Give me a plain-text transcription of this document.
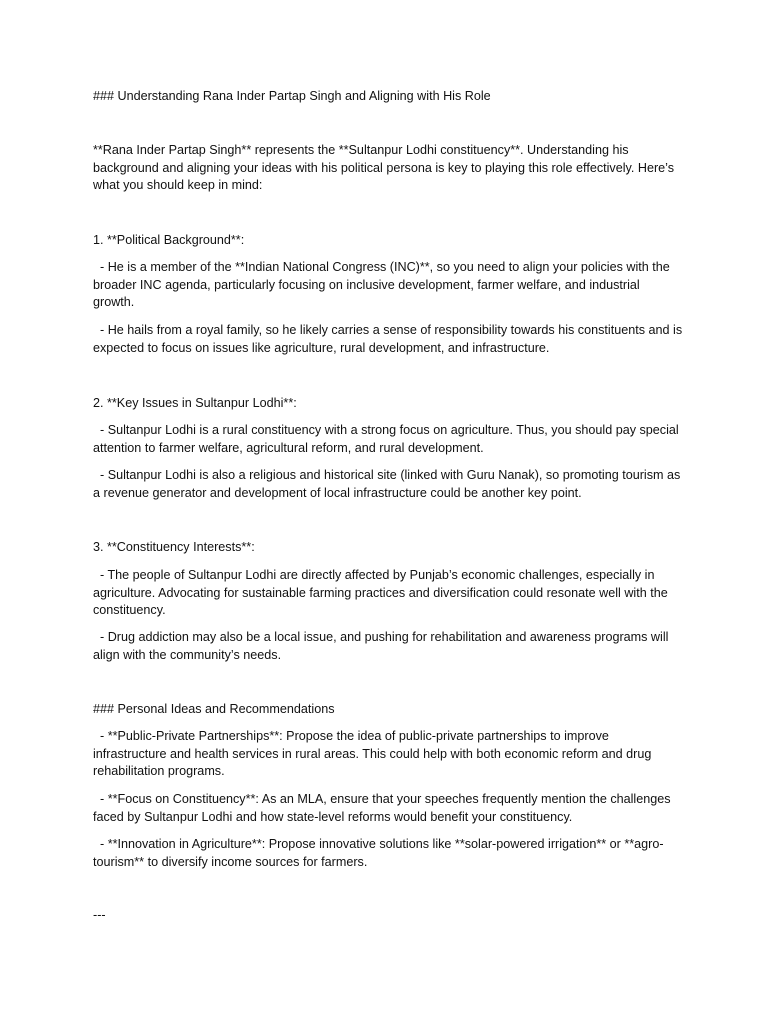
### Understanding Rana Inder Partap Singh and Aligning with His Role

**Rana Inder Partap Singh** represents the **Sultanpur Lodhi constituency**. Understanding his background and aligning your ideas with his political persona is key to playing this role effectively. Here’s what you should keep in mind:

1. **Political Background**:

- He is a member of the **Indian National Congress (INC)**, so you need to align your policies with the broader INC agenda, particularly focusing on inclusive development, farmer welfare, and industrial growth.

- He hails from a royal family, so he likely carries a sense of responsibility towards his constituents and is expected to focus on issues like agriculture, rural development, and infrastructure.

2. **Key Issues in Sultanpur Lodhi**:

- Sultanpur Lodhi is a rural constituency with a strong focus on agriculture. Thus, you should pay special attention to farmer welfare, agricultural reform, and rural development.

- Sultanpur Lodhi is also a religious and historical site (linked with Guru Nanak), so promoting tourism as a revenue generator and development of local infrastructure could be another key point.

3. **Constituency Interests**:

- The people of Sultanpur Lodhi are directly affected by Punjab’s economic challenges, especially in agriculture. Advocating for sustainable farming practices and diversification could resonate well with the constituency.

- Drug addiction may also be a local issue, and pushing for rehabilitation and awareness programs will align with the community’s needs.

### Personal Ideas and Recommendations

- **Public-Private Partnerships**: Propose the idea of public-private partnerships to improve infrastructure and health services in rural areas. This could help with both economic reform and drug rehabilitation programs.

- **Focus on Constituency**: As an MLA, ensure that your speeches frequently mention the challenges faced by Sultanpur Lodhi and how state-level reforms would benefit your constituency.

- **Innovation in Agriculture**: Propose innovative solutions like **solar-powered irrigation** or **agro-tourism** to diversify income sources for farmers.

---
